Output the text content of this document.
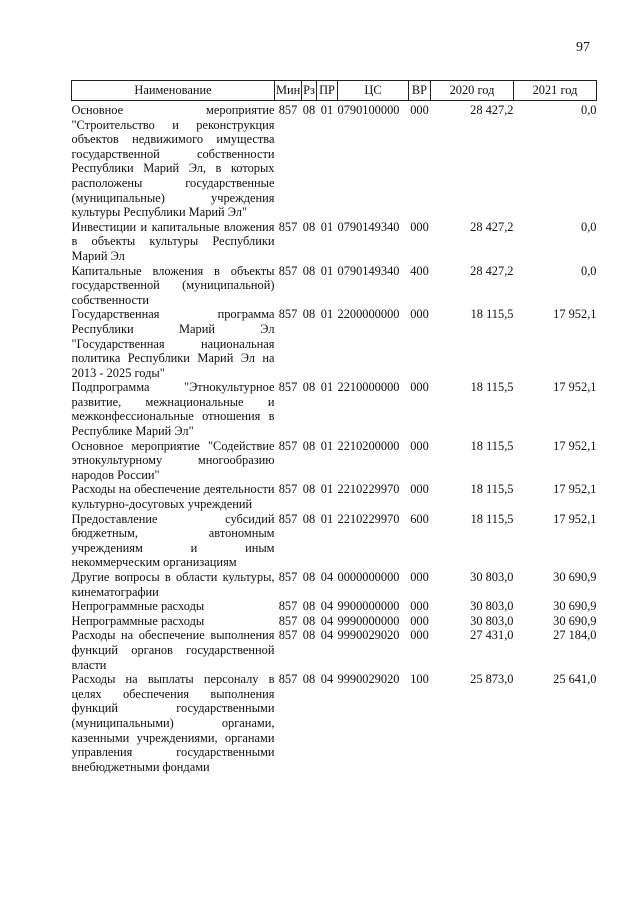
97
Наименование	Мин	Рз	ПР	ЦС	ВР	2020 год	2021 год

Основное мероприятие "Строительство и реконструкция объектов недвижимого имущества государственной собственности Республики Марий Эл, в которых расположены государственные (муниципальные) учреждения культуры Республики Марий Эл"	857	08	01	0790100000	000	28 427,2	0,0
Инвестиции и капитальные вложения в объекты культуры Республики Марий Эл	857	08	01	0790149340	000	28 427,2	0,0
Капитальные вложения в объекты государственной (муниципальной) собственности	857	08	01	0790149340	400	28 427,2	0,0
Государственная программа Республики Марий Эл "Государственная национальная политика Республики Марий Эл на 2013 - 2025 годы"	857	08	01	2200000000	000	18 115,5	17 952,1
Подпрограмма "Этнокультурное развитие, межнациональные и межконфессиональные отношения в Республике Марий Эл"	857	08	01	2210000000	000	18 115,5	17 952,1
Основное мероприятие "Содействие этнокультурному многообразию народов России"	857	08	01	2210200000	000	18 115,5	17 952,1
Расходы на обеспечение деятельности культурно-досуговых учреждений	857	08	01	2210229970	000	18 115,5	17 952,1
Предоставление субсидий бюджетным, автономным учреждениям и иным некоммерческим организациям	857	08	01	2210229970	600	18 115,5	17 952,1
Другие вопросы в области культуры, кинематографии	857	08	04	0000000000	000	30 803,0	30 690,9
Непрограммные расходы	857	08	04	9900000000	000	30 803,0	30 690,9
Непрограммные расходы	857	08	04	9990000000	000	30 803,0	30 690,9
Расходы на обеспечение выполнения функций органов государственной власти	857	08	04	9990029020	000	27 431,0	27 184,0
Расходы на выплаты персоналу в целях обеспечения выполнения функций государственными (муниципальными) органами, казенными учреждениями, органами управления государственными внебюджетными фондами	857	08	04	9990029020	100	25 873,0	25 641,0
